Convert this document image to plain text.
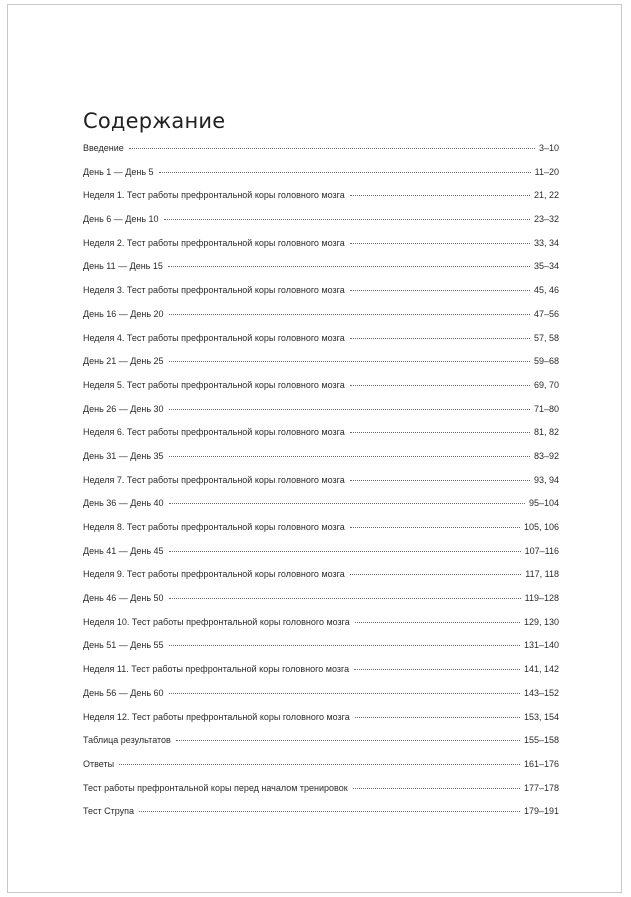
Содержание
Введение	3–10
День 1 — День 5	11–20
Неделя 1. Тест работы префронтальной коры головного мозга	21, 22
День 6 — День 10	23–32
Неделя 2. Тест работы префронтальной коры головного мозга	33, 34
День 11 — День 15	35–34
Неделя 3. Тест работы префронтальной коры головного мозга	45, 46
День 16 — День 20	47–56
Неделя 4. Тест работы префронтальной коры головного мозга	57, 58
День 21 — День 25	59–68
Неделя 5. Тест работы префронтальной коры головного мозга	69, 70
День 26 — День 30	71–80
Неделя 6. Тест работы префронтальной коры головного мозга	81, 82
День 31 — День 35	83–92
Неделя 7. Тест работы префронтальной коры головного мозга	93, 94
День 36 — День 40	95–104
Неделя 8. Тест работы префронтальной коры головного мозга	105, 106
День 41 — День 45	107–116
Неделя 9. Тест работы префронтальной коры головного мозга	117, 118
День 46 — День 50	119–128
Неделя 10. Тест работы префронтальной коры головного мозга	129, 130
День 51 — День 55	131–140
Неделя 11. Тест работы префронтальной коры головного мозга	141, 142
День 56 — День 60	143–152
Неделя 12. Тест работы префронтальной коры головного мозга	153, 154
Таблица результатов	155–158
Ответы	161–176
Тест работы префронтальной коры перед началом тренировок	177–178
Тест Струпа	179–191
